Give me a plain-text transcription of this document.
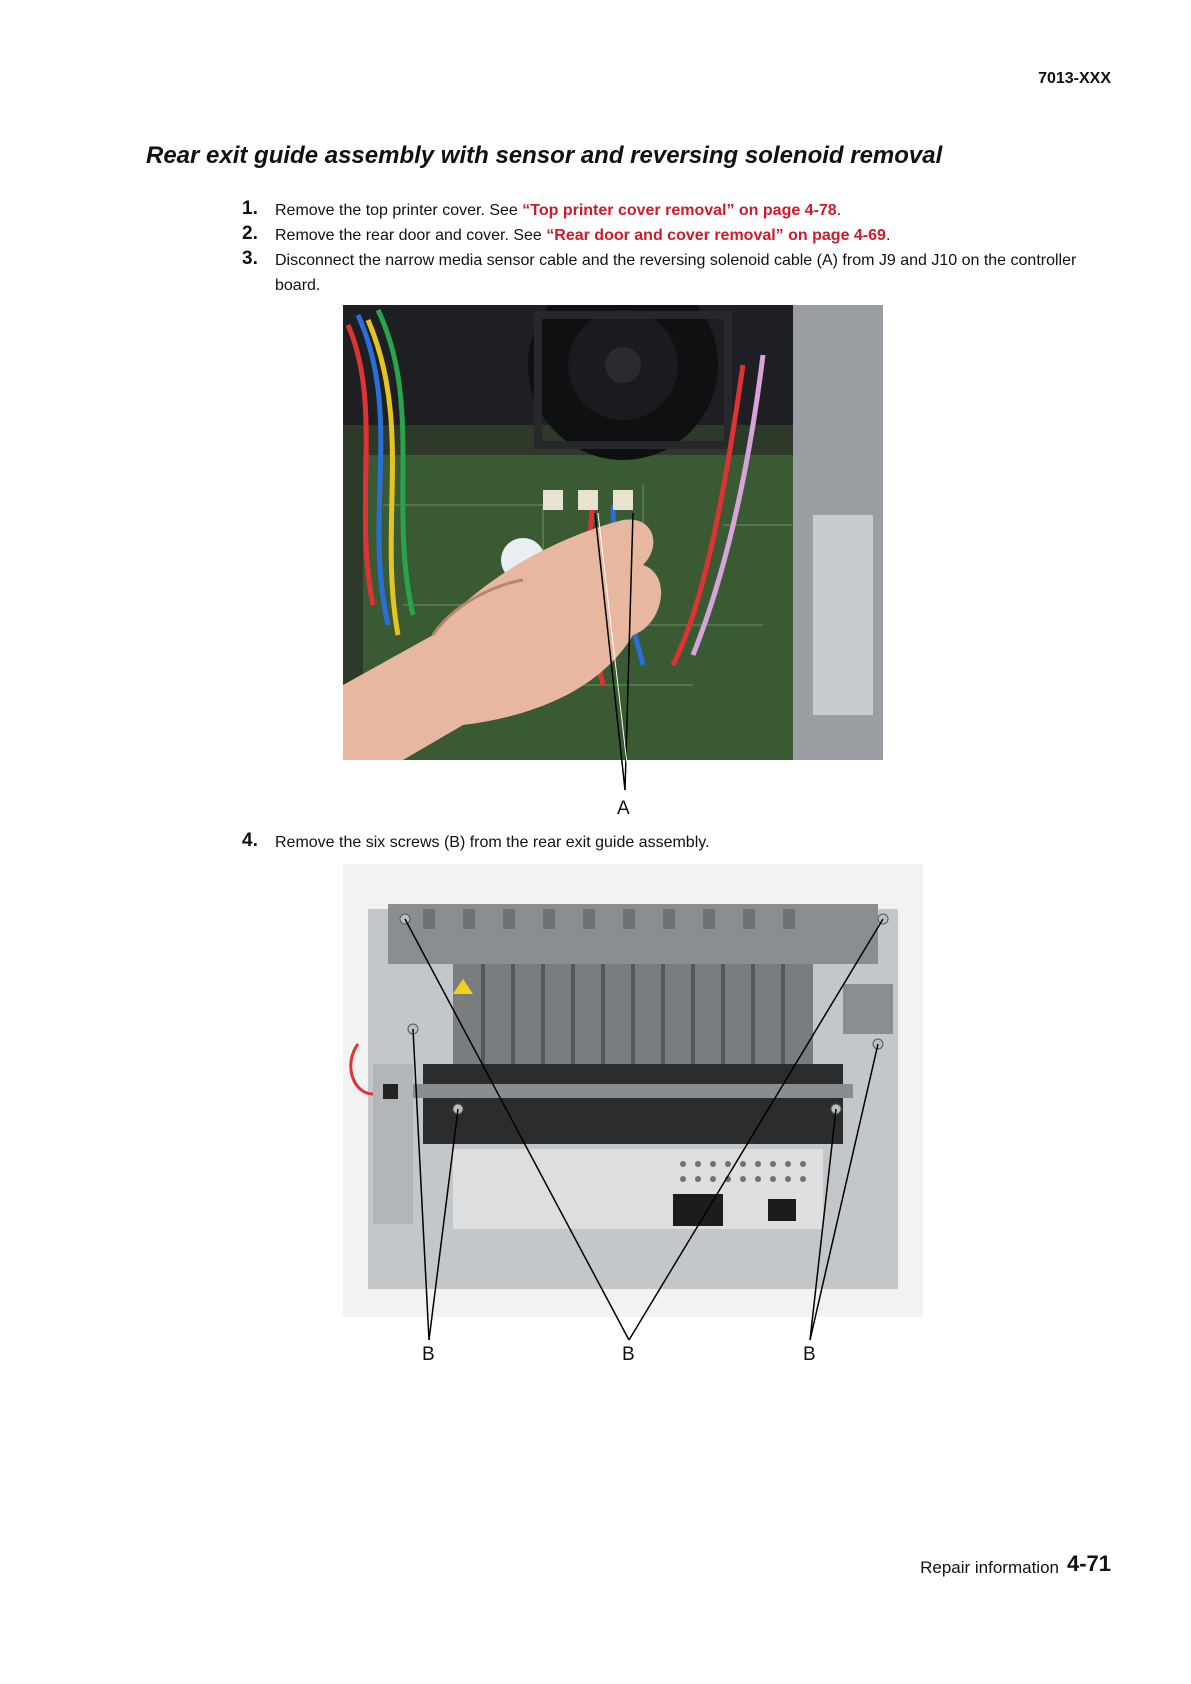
7013-XXX
Rear exit guide assembly with sensor and reversing solenoid removal
1. Remove the top printer cover. See “Top printer cover removal” on page 4-78.
2. Remove the rear door and cover. See “Rear door and cover removal” on page 4-69.
3. Disconnect the narrow media sensor cable and the reversing solenoid cable (A) from J9 and J10 on the controller board.
A
4. Remove the six screws (B) from the rear exit guide assembly.
B	B	B
Repair information 4-71
